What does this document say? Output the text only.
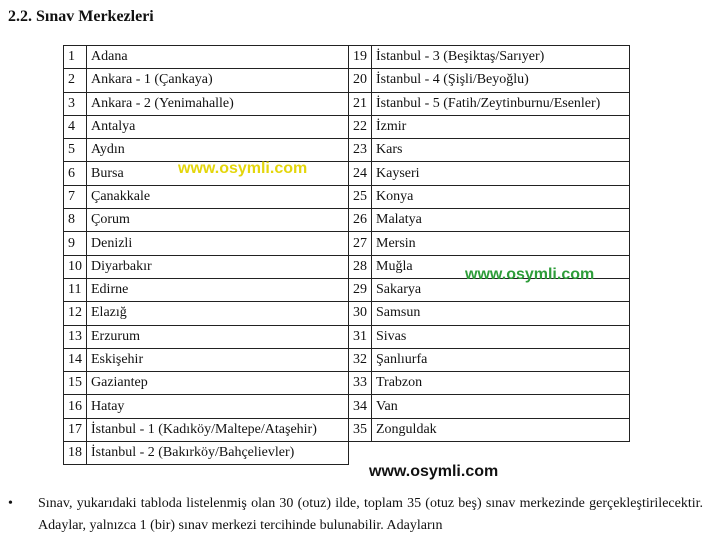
2.2. Sınav Merkezleri
1	Adana	19	İstanbul - 3 (Beşiktaş/Sarıyer)
2	Ankara - 1 (Çankaya)	20	İstanbul - 4 (Şişli/Beyoğlu)
3	Ankara - 2 (Yenimahalle)	21	İstanbul - 5 (Fatih/Zeytinburnu/Esenler)
4	Antalya	22	İzmir
5	Aydın	23	Kars
6	Bursa	24	Kayseri
7	Çanakkale	25	Konya
8	Çorum	26	Malatya
9	Denizli	27	Mersin
10	Diyarbakır	28	Muğla
11	Edirne	29	Sakarya
12	Elazığ	30	Samsun
13	Erzurum	31	Sivas
14	Eskişehir	32	Şanlıurfa
15	Gaziantep	33	Trabzon
16	Hatay	34	Van
17	İstanbul - 1 (Kadıköy/Maltepe/Ataşehir)	35	Zonguldak
18	İstanbul - 2 (Bakırköy/Bahçelievler)		
www.osymli.com
www.osymli.com
www.osymli.com
• Sınav, yukarıdaki tabloda listelenmiş olan 30 (otuz) ilde, toplam 35 (otuz beş) sınav merkezinde gerçekleştirilecektir. Adaylar, yalnızca 1 (bir) sınav merkezi tercihinde bulunabilir. Adayların
